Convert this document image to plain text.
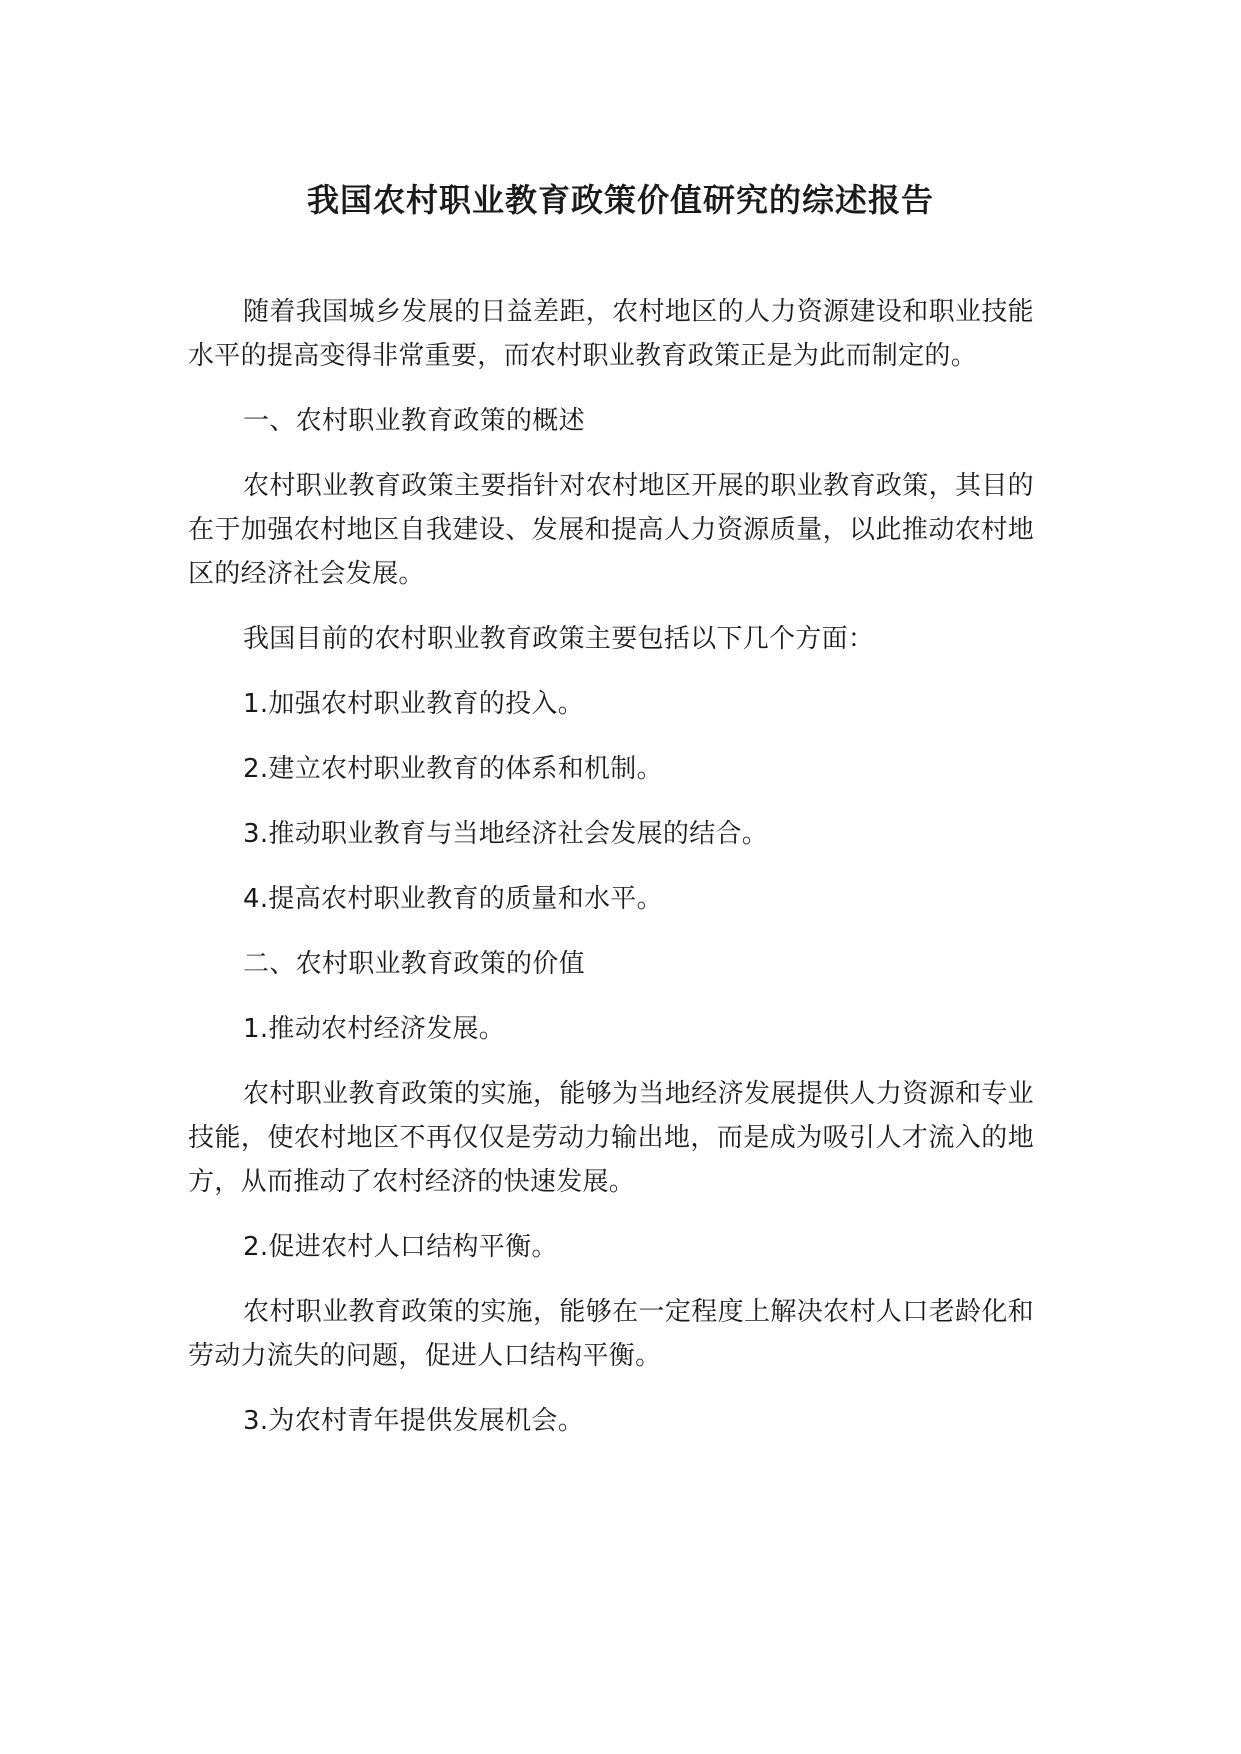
我国农村职业教育政策价值研究的综述报告

随着我国城乡发展的日益差距，农村地区的人力资源建设和职业技能水平的提高变得非常重要，而农村职业教育政策正是为此而制定的。

一、农村职业教育政策的概述

农村职业教育政策主要指针对农村地区开展的职业教育政策，其目的在于加强农村地区自我建设、发展和提高人力资源质量，以此推动农村地区的经济社会发展。

我国目前的农村职业教育政策主要包括以下几个方面：

1.加强农村职业教育的投入。

2.建立农村职业教育的体系和机制。

3.推动职业教育与当地经济社会发展的结合。

4.提高农村职业教育的质量和水平。

二、农村职业教育政策的价值

1.推动农村经济发展。

农村职业教育政策的实施，能够为当地经济发展提供人力资源和专业技能，使农村地区不再仅仅是劳动力输出地，而是成为吸引人才流入的地方，从而推动了农村经济的快速发展。

2.促进农村人口结构平衡。

农村职业教育政策的实施，能够在一定程度上解决农村人口老龄化和劳动力流失的问题，促进人口结构平衡。

3.为农村青年提供发展机会。
